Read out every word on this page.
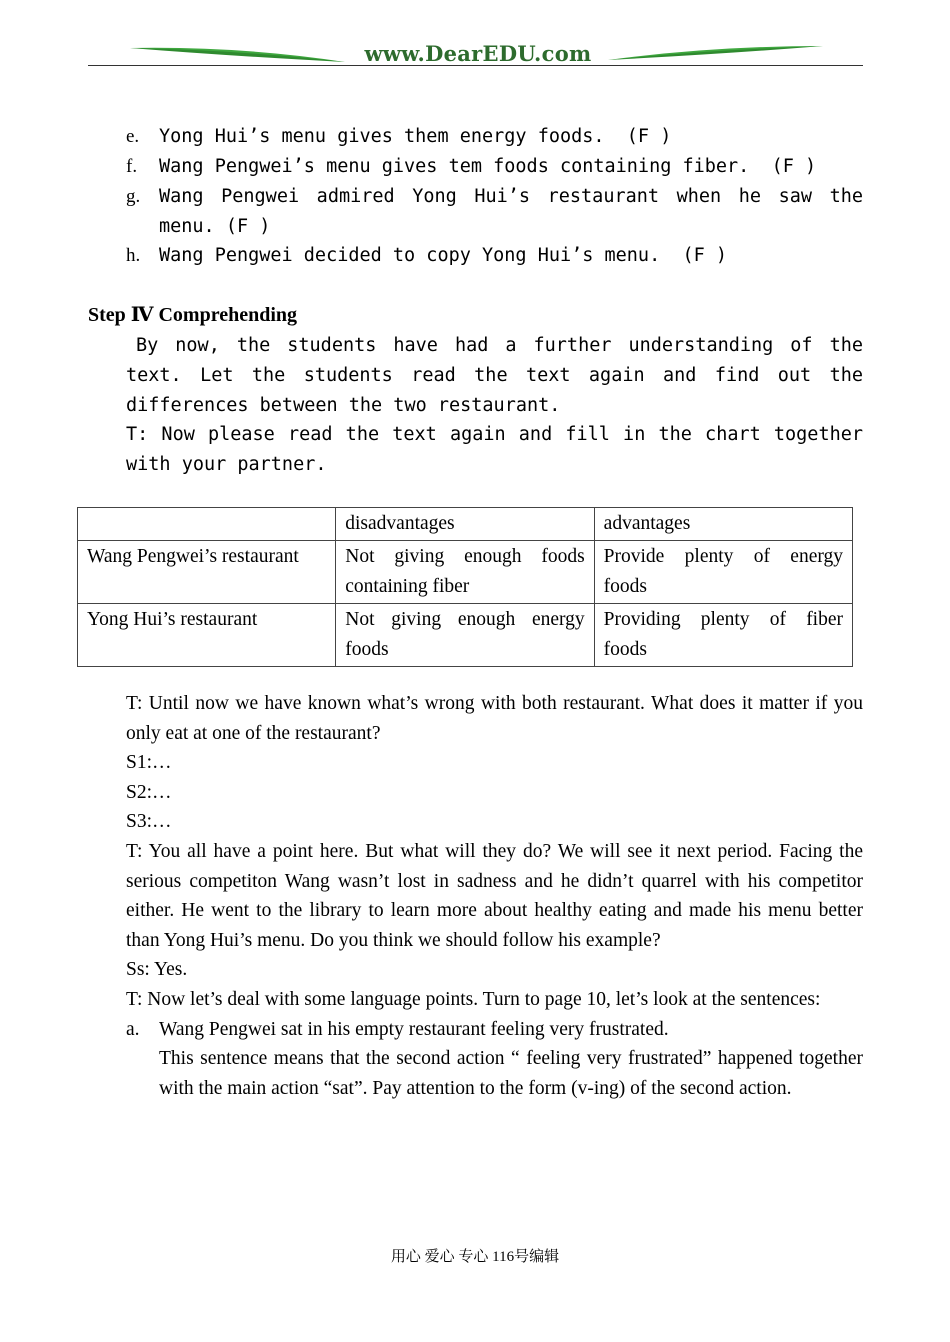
www.DearEDU.com
e. Yong Hui’s menu gives them energy foods.  (F )
f. Wang Pengwei’s menu gives tem foods containing fiber.  (F )
g. Wang Pengwei admired Yong Hui’s restaurant when he saw the menu. (F )
h. Wang Pengwei decided to copy Yong Hui’s menu.  (F )
Step Ⅳ Comprehending
By now, the students have had a further understanding of the text. Let the students read the text again and find out the differences between the two restaurant.
T: Now please read the text again and fill in the chart together with your partner.
	disadvantages	advantages
Wang Pengwei’s restaurant	Not giving enough foods containing fiber	Provide plenty of energy foods
Yong Hui’s restaurant	Not giving enough energy foods	Providing plenty of fiber foods

T: Until now we have known what’s wrong with both restaurant. What does it matter if you only eat at one of the restaurant?

S1:…

S2:…

S3:…

T: You all have a point here. But what will they do? We will see it next period. Facing the serious competiton Wang wasn’t lost in sadness and he didn’t quarrel with his competitor either. He went to the library to learn more about healthy eating and made his menu better than Yong Hui’s menu. Do you think we should follow his example?

Ss: Yes.

T: Now let’s deal with some language points. Turn to page 10, let’s look at the sentences:

a. Wang Pengwei sat in his empty restaurant feeling very frustrated.

This sentence means that the second action “ feeling very frustrated” happened together with the main action “sat”. Pay attention to the form (v-ing) of the second action.

用心 爱心 专心 116号编辑
